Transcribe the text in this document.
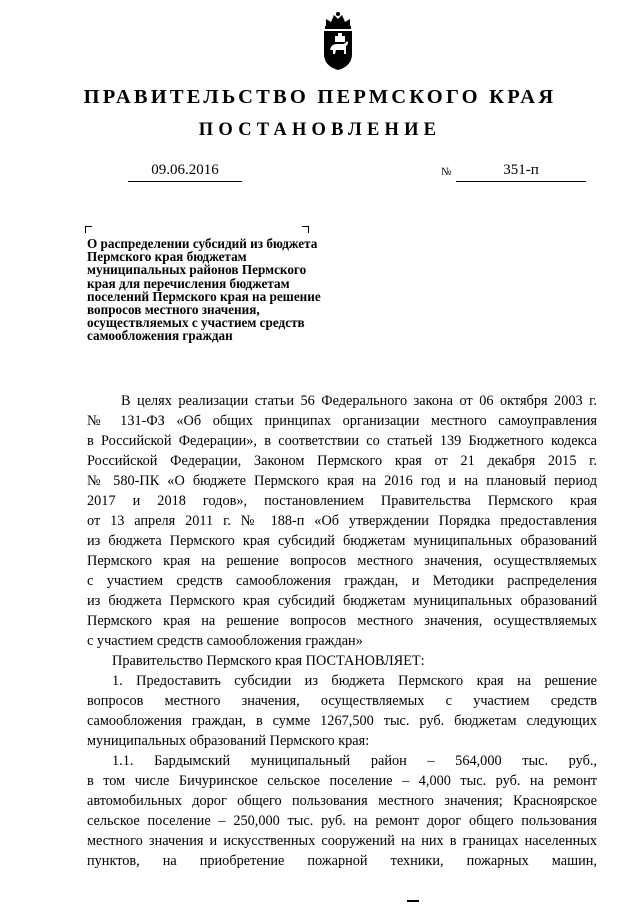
ПРАВИТЕЛЬСТВО ПЕРМСКОГО КРАЯ
ПОСТАНОВЛЕНИЕ
09.06.2016	№	351-п
О распределении субсидий из бюджета
Пермского края бюджетам
муниципальных районов Пермского
края для перечисления бюджетам
поселений Пермского края на решение
вопросов местного значения,
осуществляемых с участием средств
самообложения граждан
В целях реализации статьи 56 Федерального закона от 06 октября 2003 г.
№ 131-ФЗ «Об общих принципах организации местного самоуправления
в Российской Федерации», в соответствии со статьей 139 Бюджетного кодекса
Российской Федерации, Законом Пермского края от 21 декабря 2015 г.
№ 580-ПК «О бюджете Пермского края на 2016 год и на плановый период
2017 и 2018 годов», постановлением Правительства Пермского края
от 13 апреля 2011 г. № 188-п «Об утверждении Порядка предоставления
из бюджета Пермского края субсидий бюджетам муниципальных образований
Пермского края на решение вопросов местного значения, осуществляемых
с участием средств самообложения граждан, и Методики распределения
из бюджета Пермского края субсидий бюджетам муниципальных образований
Пермского края на решение вопросов местного значения, осуществляемых
с участием средств самообложения граждан»
Правительство Пермского края ПОСТАНОВЛЯЕТ:
1. Предоставить субсидии из бюджета Пермского края на решение
вопросов местного значения, осуществляемых с участием средств
самообложения граждан, в сумме 1267,500 тыс. руб. бюджетам следующих
муниципальных образований Пермского края:
1.1. Бардымский муниципальный район – 564,000 тыс. руб.,
в том числе Бичуринское сельское поселение – 4,000 тыс. руб. на ремонт
автомобильных дорог общего пользования местного значения; Красноярское
сельское поселение – 250,000 тыс. руб. на ремонт дорог общего пользования
местного значения и искусственных сооружений на них в границах населенных
пунктов, на приобретение пожарной техники, пожарных машин,
